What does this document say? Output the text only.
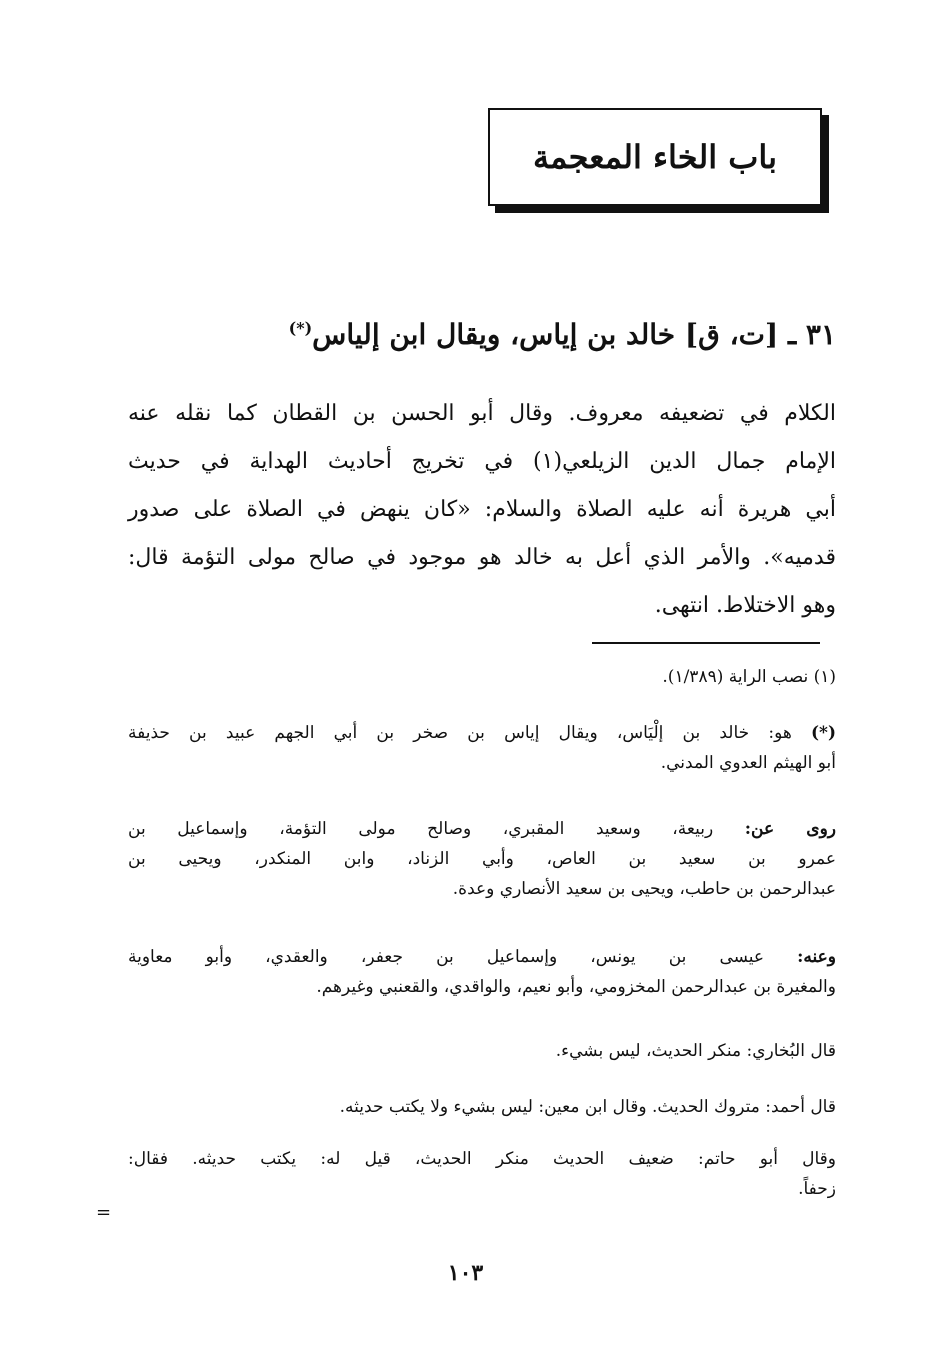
باب الخاء المعجمة
٣١ ـ [ت، ق] خالد بن إياس، ويقال ابن إلياس(*)
الكلام في تضعيفه معروف. وقال أبو الحسن بن القطان كما نقله عنه
الإمام جمال الدين الزيلعي(١) في تخريج أحاديث الهداية في حديث
أبي هريرة أنه عليه الصلاة والسلام: «كان ينهض في الصلاة على صدور
قدميه». والأمر الذي أعل به خالد هو موجود في صالح مولى التؤمة قال:
وهو الاختلاط. انتهى.
(١) نصب الراية (١/٣٨٩).
(*) هو: خالد بن إلْيَاس، ويقال إياس بن صخر بن أبي الجهم عبيد بن حذيفة
أبو الهيثم العدوي المدني.
روى عن: ربيعة، وسعيد المقبري، وصالح مولى التؤمة، وإسماعيل بن
عمرو بن سعيد بن العاص، وأبي الزناد، وابن المنكدر، ويحيى بن
عبدالرحمن بن حاطب، ويحيى بن سعيد الأنصاري وعدة.
وعنه: عيسى بن يونس، وإسماعيل بن جعفر، والعقدي، وأبو معاوية
والمغيرة بن عبدالرحمن المخزومي، وأبو نعيم، والواقدي، والقعنبي وغيرهم.
قال البُخاري: منكر الحديث، ليس بشيء.
قال أحمد: متروك الحديث. وقال ابن معين: ليس بشيء ولا يكتب حديثه.
وقال أبو حاتم: ضعيف الحديث منكر الحديث، قيل له: يكتب حديثه. فقال:
زحفاً.
=
١٠٣
